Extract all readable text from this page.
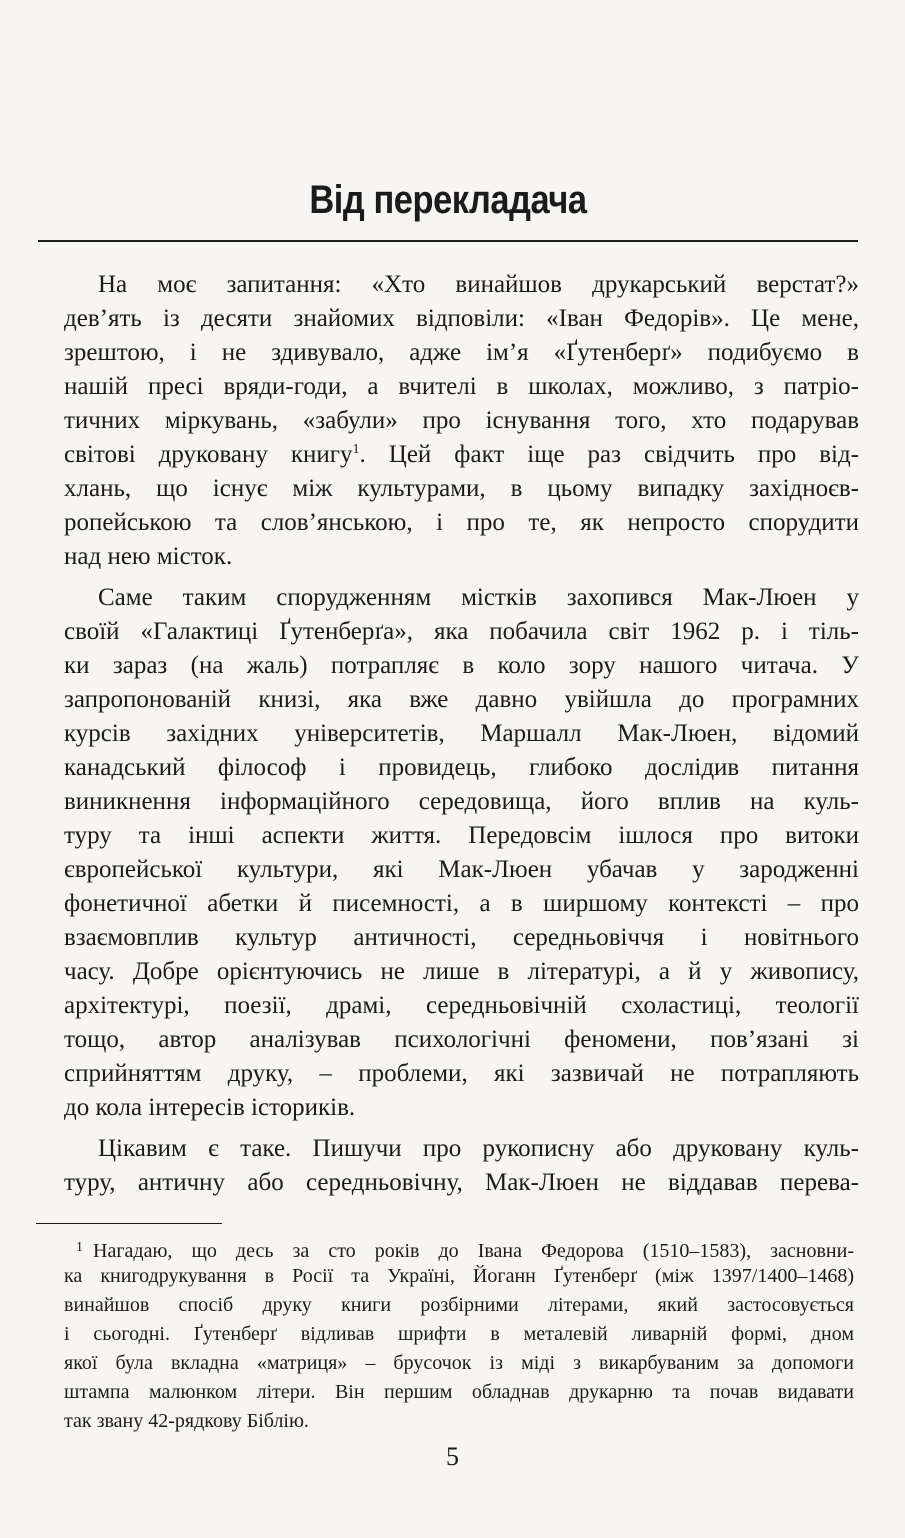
Від перекладача
На моє запитання: «Хто винайшов друкарський верстат?»
дев’ять із десяти знайомих відповіли: «Іван Федорів». Це мене,
зрештою, і не здивувало, адже ім’я «Ґутенберґ» подибуємо в
нашій пресі вряди-годи, а вчителі в школах, можливо, з патріо-
тичних міркувань, «забули» про існування того, хто подарував
світові друковану книгу$^1$. Цей факт іще раз свідчить про від-
хлань, що існує між культурами, в цьому випадку західноєв-
ропейською та слов’янською, і про те, як непросто спорудити
над нею місток.
Саме таким спорудженням містків захопився Мак-Люен у
своїй «Галактиці Ґутенберґа», яка побачила світ 1962 р. і тіль-
ки зараз (на жаль) потрапляє в коло зору нашого читача. У
запропонованій книзі, яка вже давно увійшла до програмних
курсів західних університетів, Маршалл Мак-Люен, відомий
канадський філософ і провидець, глибоко дослідив питання
виникнення інформаційного середовища, його вплив на куль-
туру та інші аспекти життя. Передовсім ішлося про витоки
європейської культури, які Мак-Люен убачав у зародженні
фонетичної абетки й писемності, а в ширшому контексті – про
взаємовплив культур античності, середньовіччя і новітнього
часу. Добре орієнтуючись не лише в літературі, а й у живопису,
архітектурі, поезії, драмі, середньовічній схоластиці, теології
тощо, автор аналізував психологічні феномени, пов’язані зі
сприйняттям друку, – проблеми, які зазвичай не потрапляють
до кола інтересів істориків.
Цікавим є таке. Пишучи про рукописну або друковану куль-
туру, античну або середньовічну, Мак-Люен не віддавав перева-
$^1$ Нагадаю, що десь за сто років до Івана Федорова (1510–1583), засновни-
ка книгодрукування в Росії та Україні, Йоганн Ґутенберґ (між 1397/1400–1468)
винайшов спосіб друку книги розбірними літерами, який застосовується
і сьогодні. Ґутенберґ відливав шрифти в металевій ливарній формі, дном
якої була вкладна «матриця» – брусочок із міді з викарбуваним за допомоги
штампа малюнком літери. Він першим обладнав друкарню та почав видавати
так звану 42-рядкову Біблію.
5
